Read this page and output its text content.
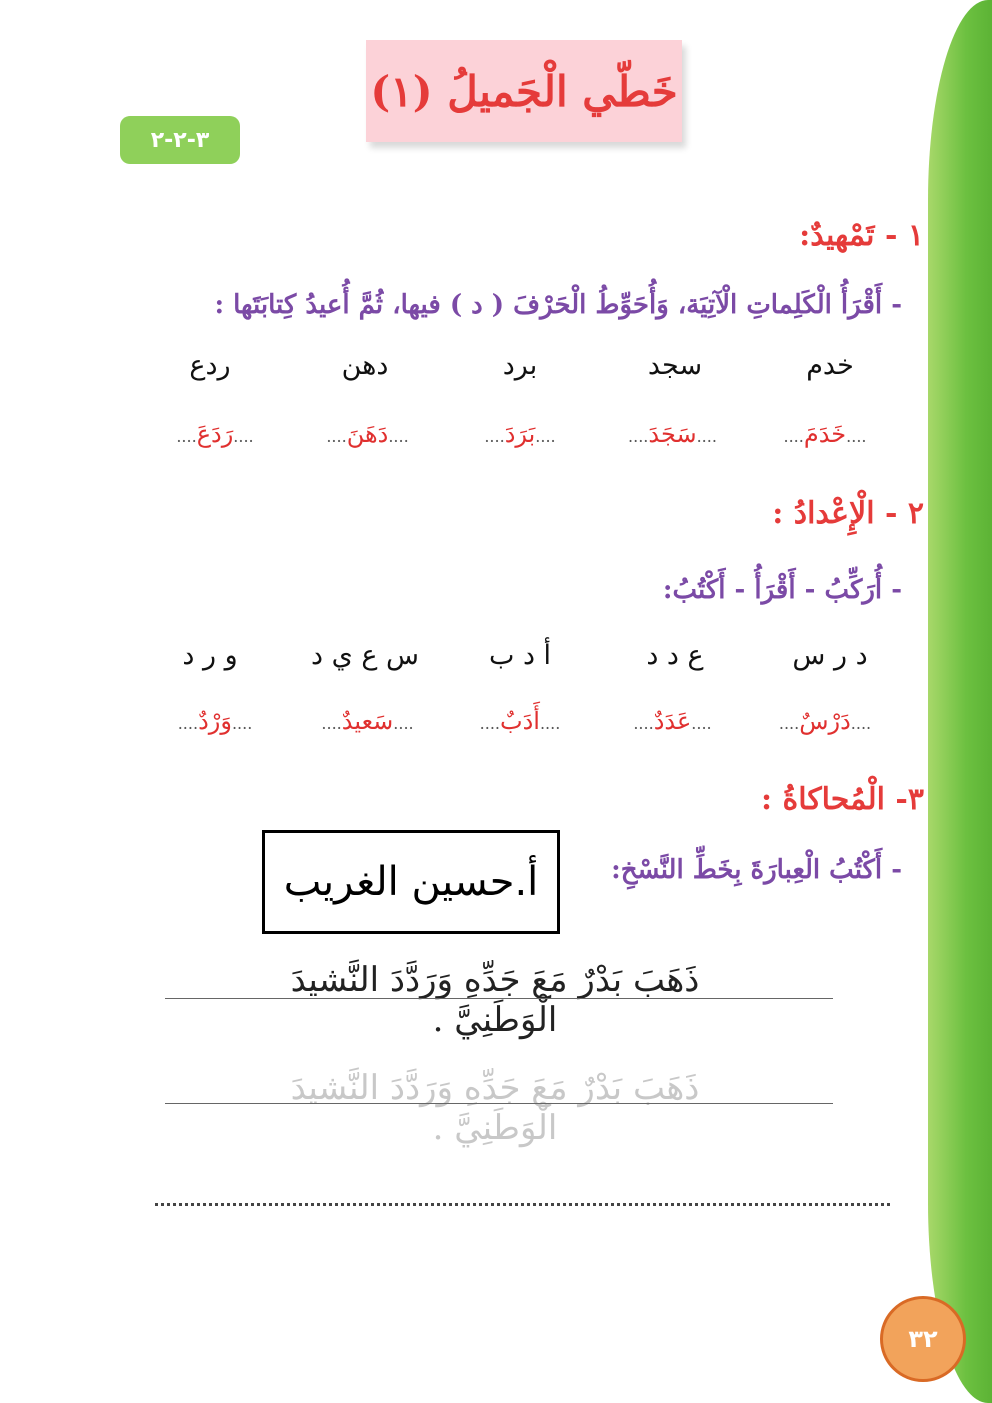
خَطّي الْجَميلُ (١)
٣-٢-٢
١ - تَمْهيدٌ:
- أَقْرَأُ الْكَلِماتِ الْآتِيَة، وَأُحَوِّطُ الْحَرْفَ ( د ) فيها، ثُمَّ أُعيدُ كِتابَتَها :
خدم
سجد
برد
دهن
ردع
....خَدَمَ....
....سَجَدَ....
....بَرَدَ....
....دَهَنَ....
....رَدَعَ....
٢ - الْإِعْدادُ :
- أُرَكِّبُ - أَقْرَأُ - أَكْتُبُ:
د ر س
ع د د
أ د ب
س ع ي د
و ر د
....دَرْسٌ....
....عَدَدٌ....
....أَدَبٌ....
....سَعيدٌ....
....وَرْدٌ....
٣- الْمُحاكاةُ :
- أَكْتُبُ الْعِبارَةَ بِخَطِّ النَّسْخِ:
أ.حسين الغريب
ذَهَبَ بَدْرٌ مَعَ جَدِّهِ وَرَدَّدَ النَّشيدَ الْوَطَنِيَّ .
ذَهَبَ بَدْرٌ مَعَ جَدِّهِ وَرَدَّدَ النَّشيدَ الْوَطَنِيَّ .
٣٢
